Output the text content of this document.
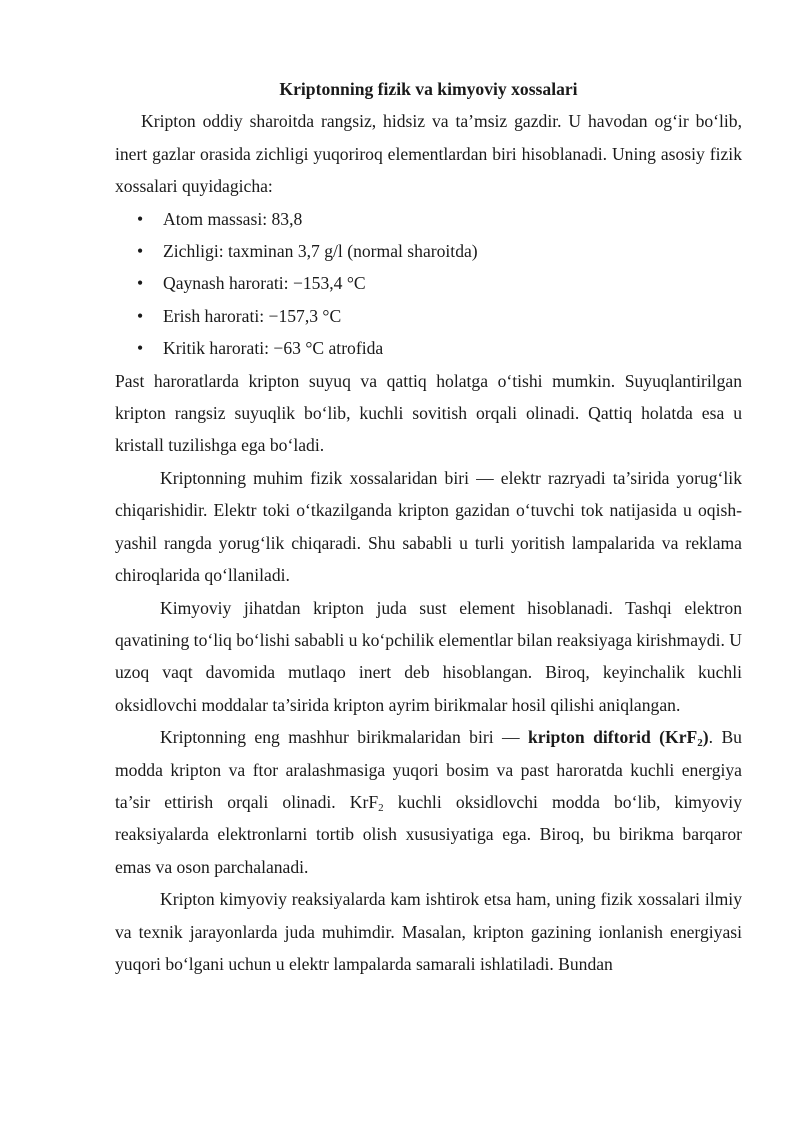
Kriptonning fizik va kimyoviy xossalari

Kripton oddiy sharoitda rangsiz, hidsiz va ta’msiz gazdir. U havodan og‘ir bo‘lib, inert gazlar orasida zichligi yuqoriroq elementlardan biri hisoblanadi. Uning asosiy fizik xossalari quyidagicha:

• Atom massasi: 83,8
• Zichligi: taxminan 3,7 g/l (normal sharoitda)
• Qaynash harorati: −153,4 °C
• Erish harorati: −157,3 °C
• Kritik harorati: −63 °C atrofida

Past haroratlarda kripton suyuq va qattiq holatga o‘tishi mumkin. Suyuqlantirilgan kripton rangsiz suyuqlik bo‘lib, kuchli sovitish orqali olinadi. Qattiq holatda esa u kristall tuzilishga ega bo‘ladi.

Kriptonning muhim fizik xossalaridan biri — elektr razryadi ta’sirida yorug‘lik chiqarishidir. Elektr toki o‘tkazilganda kripton gazidan o‘tuvchi tok natijasida u oqish-yashil rangda yorug‘lik chiqaradi. Shu sababli u turli yoritish lampalarida va reklama chiroqlarida qo‘llaniladi.

Kimyoviy jihatdan kripton juda sust element hisoblanadi. Tashqi elektron qavatining to‘liq bo‘lishi sababli u ko‘pchilik elementlar bilan reaksiyaga kirishmaydi. U uzoq vaqt davomida mutlaqo inert deb hisoblangan. Biroq, keyinchalik kuchli oksidlovchi moddalar ta’sirida kripton ayrim birikmalar hosil qilishi aniqlangan.

Kriptonning eng mashhur birikmalaridan biri — kripton diftorid (KrF$_2$). Bu modda kripton va ftor aralashmasiga yuqori bosim va past haroratda kuchli energiya ta’sir ettirish orqali olinadi. KrF$_2$ kuchli oksidlovchi modda bo‘lib, kimyoviy reaksiyalarda elektronlarni tortib olish xususiyatiga ega. Biroq, bu birikma barqaror emas va oson parchalanadi.

Kripton kimyoviy reaksiyalarda kam ishtirok etsa ham, uning fizik xossalari ilmiy va texnik jarayonlarda juda muhimdir. Masalan, kripton gazining ionlanish energiyasi yuqori bo‘lgani uchun u elektr lampalarda samarali ishlatiladi. Bundan
